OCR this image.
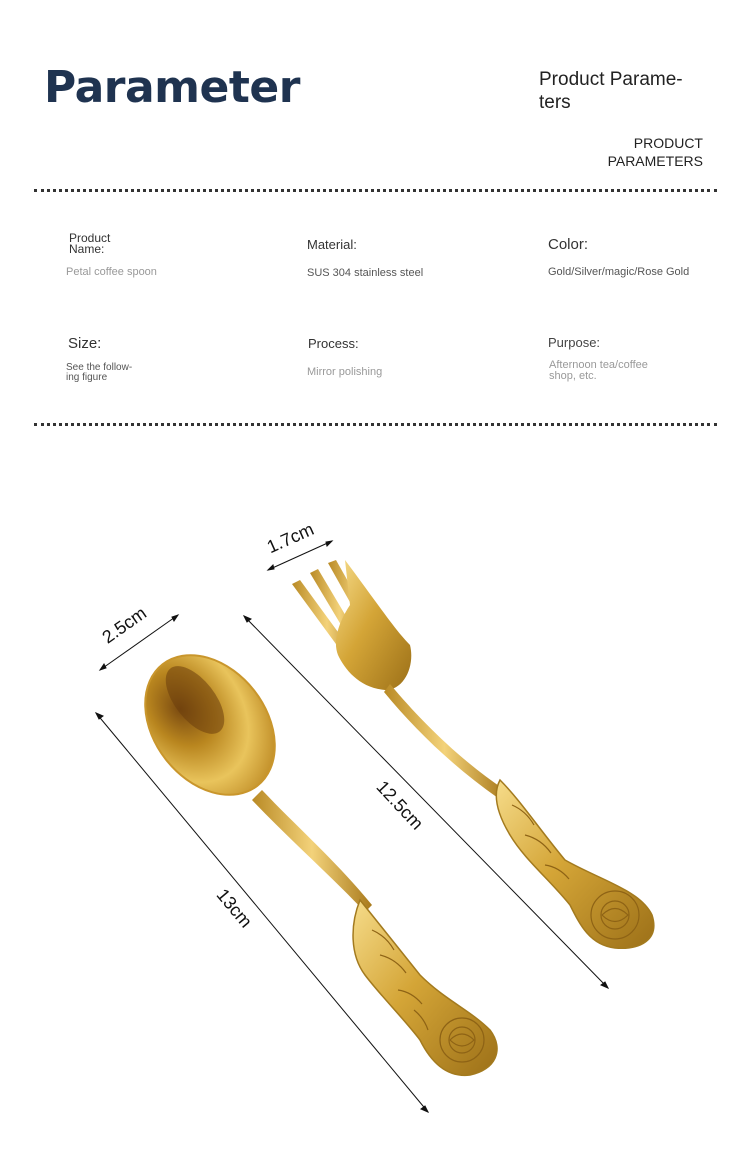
Parameter	Product Parame-
ters
PRODUCT
PARAMETERS
Product
Name:
Petal coffee spoon
Material:
SUS 304 stainless steel
Color:
Gold/Silver/magic/Rose Gold
Size:
See the follow-
ing figure
Process:
Mirror polishing
Purpose:
Afternoon tea/coffee
shop, etc.
2.5cm
1.7cm
12.5cm
13cm
